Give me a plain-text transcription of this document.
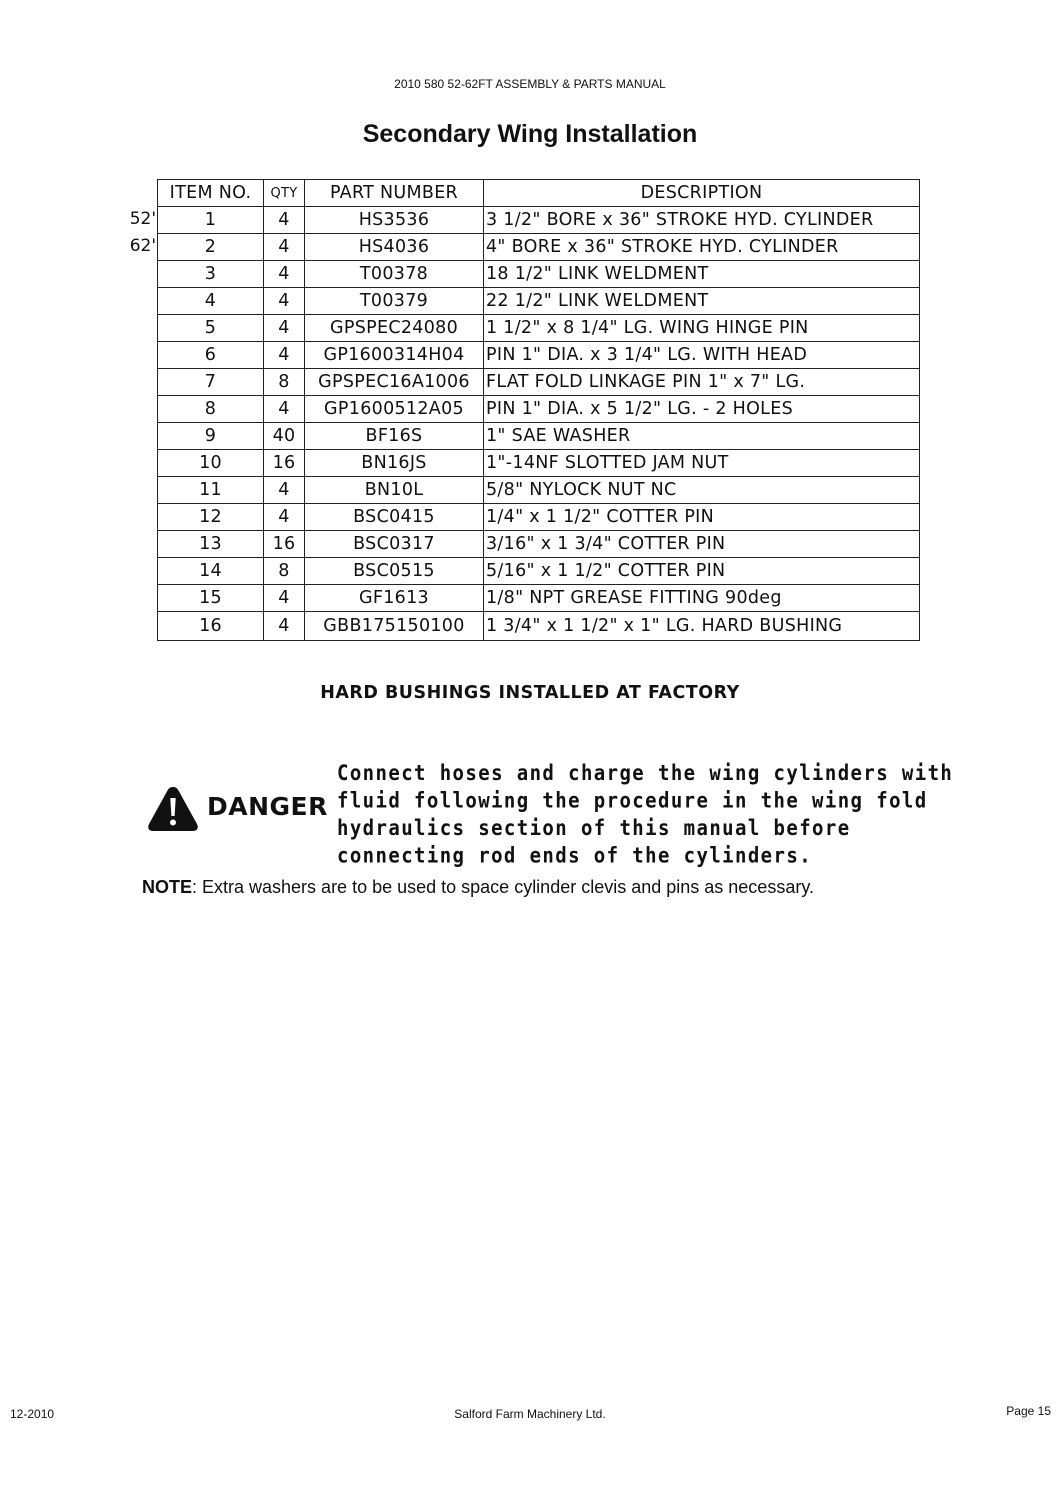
2010 580 52-62FT ASSEMBLY & PARTS MANUAL
Secondary Wing Installation
52'
62'
ITEM NO.	QTY	PART NUMBER	DESCRIPTION
1	4	HS3536	3 1/2" BORE x 36" STROKE HYD. CYLINDER
2	4	HS4036	4" BORE x 36" STROKE HYD. CYLINDER
3	4	T00378	18 1/2" LINK WELDMENT
4	4	T00379	22 1/2" LINK WELDMENT
5	4	GPSPEC24080	1 1/2" x 8 1/4" LG. WING HINGE PIN
6	4	GP1600314H04	PIN 1" DIA. x 3 1/4" LG. WITH HEAD
7	8	GPSPEC16A1006	FLAT FOLD LINKAGE PIN 1" x 7" LG.
8	4	GP1600512A05	PIN 1" DIA. x 5 1/2" LG. - 2 HOLES
9	40	BF16S	1" SAE WASHER
10	16	BN16JS	1"-14NF SLOTTED JAM NUT
11	4	BN10L	5/8" NYLOCK NUT NC
12	4	BSC0415	1/4" x 1 1/2" COTTER PIN
13	16	BSC0317	3/16" x 1 3/4" COTTER PIN
14	8	BSC0515	5/16" x 1 1/2" COTTER PIN
15	4	GF1613	1/8" NPT GREASE FITTING 90deg
16	4	GBB175150100	1 3/4" x 1 1/2" x 1" LG. HARD BUSHING
HARD BUSHINGS INSTALLED AT FACTORY
DANGER
Connect hoses and charge the wing cylinders with
fluid following the procedure in the wing fold
hydraulics section of this manual before
connecting rod ends of the cylinders.
NOTE: Extra washers are to be used to space cylinder clevis and pins as necessary.
12-2010	Salford Farm Machinery Ltd.	Page 15
